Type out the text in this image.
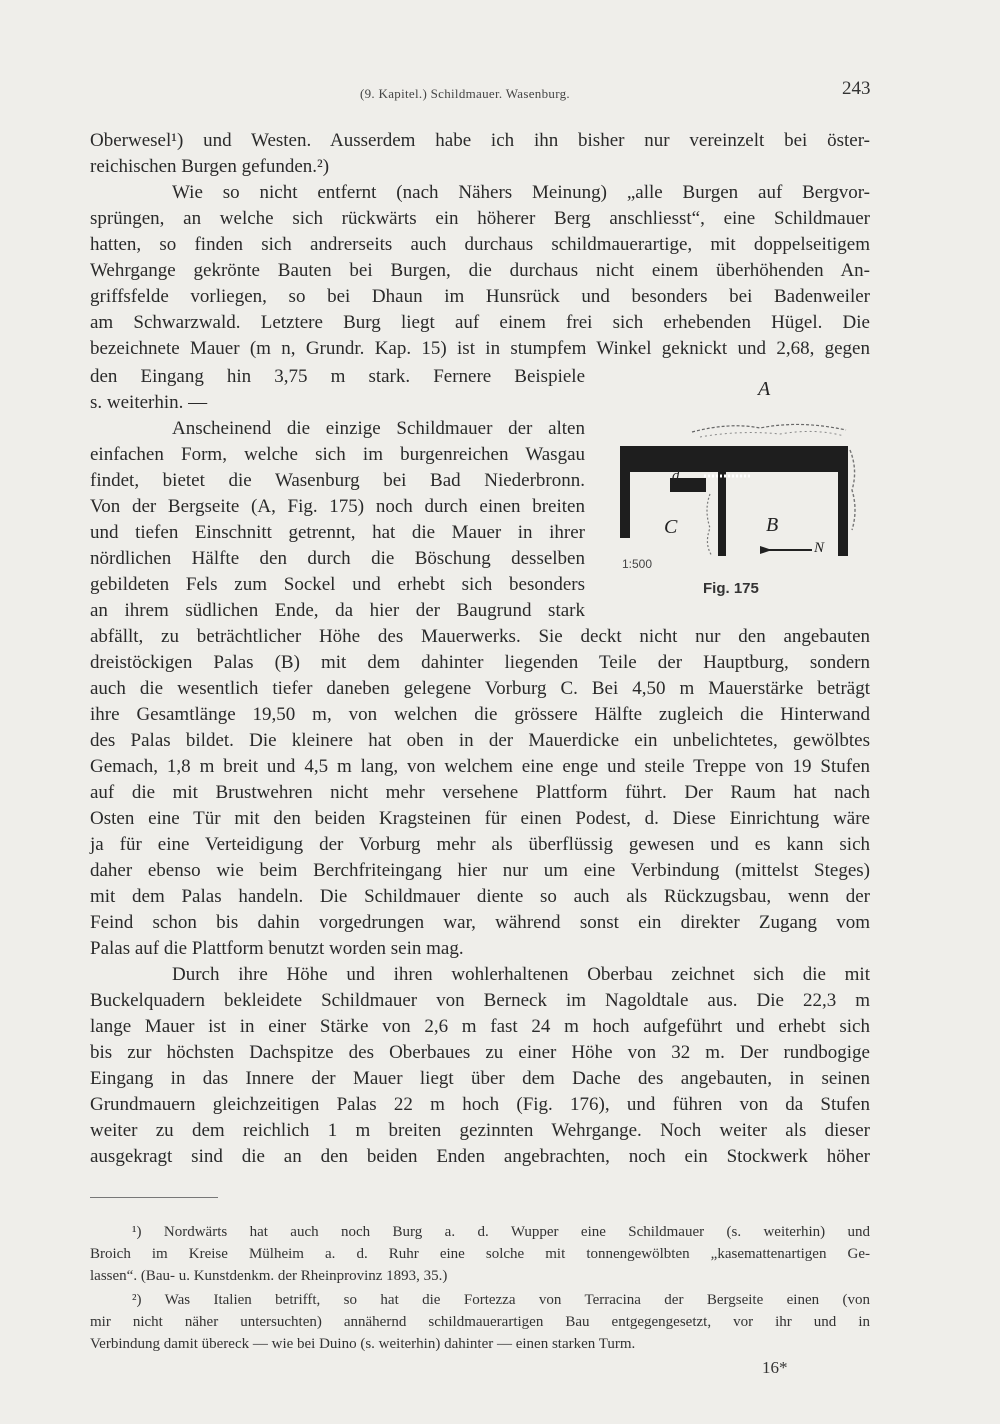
(9. Kapitel.) Schildmauer. Wasenburg.	243
Oberwesel¹) und Westen. Ausserdem habe ich ihn bisher nur vereinzelt bei öster-
reichischen Burgen gefunden.²)
Wie so nicht entfernt (nach Nähers Meinung) „alle Burgen auf Bergvor-
sprüngen, an welche sich rückwärts ein höherer Berg anschliesst“, eine Schildmauer
hatten, so finden sich andrerseits auch durchaus schildmauerartige, mit doppelseitigem
Wehrgange gekrönte Bauten bei Burgen, die durchaus nicht einem überhöhenden An-
griffsfelde vorliegen, so bei Dhaun im Hunsrück und besonders bei Badenweiler
am Schwarzwald. Letztere Burg liegt auf einem frei sich erhebenden Hügel. Die
bezeichnete Mauer (m n, Grundr. Kap. 15) ist in stumpfem Winkel geknickt und 2,68, gegen
den Eingang hin 3,75 m stark. Fernere Beispiele
s. weiterhin. —
Anscheinend die einzige Schildmauer der alten
einfachen Form, welche sich im burgenreichen Wasgau
findet, bietet die Wasenburg bei Bad Niederbronn.
Von der Bergseite (A, Fig. 175) noch durch einen breiten
und tiefen Einschnitt getrennt, hat die Mauer in ihrer
nördlichen Hälfte den durch die Böschung desselben
gebildeten Fels zum Sockel und erhebt sich besonders
an ihrem südlichen Ende, da hier der Baugrund stark
abfällt, zu beträchtlicher Höhe des Mauerwerks. Sie deckt nicht nur den angebauten
dreistöckigen Palas (B) mit dem dahinter liegenden Teile der Hauptburg, sondern
auch die wesentlich tiefer daneben gelegene Vorburg C. Bei 4,50 m Mauerstärke beträgt
ihre Gesamtlänge 19,50 m, von welchen die grössere Hälfte zugleich die Hinterwand
des Palas bildet. Die kleinere hat oben in der Mauerdicke ein unbelichtetes, gewölbtes
Gemach, 1,8 m breit und 4,5 m lang, von welchem eine enge und steile Treppe von 19 Stufen
auf die mit Brustwehren nicht mehr versehene Plattform führt. Der Raum hat nach
Osten eine Tür mit den beiden Kragsteinen für einen Podest, d. Diese Einrichtung wäre
ja für eine Verteidigung der Vorburg mehr als überflüssig gewesen und es kann sich
daher ebenso wie beim Berchfriteingang hier nur um eine Verbindung (mittelst Steges)
mit dem Palas handeln. Die Schildmauer diente so auch als Rückzugsbau, wenn der
Feind schon bis dahin vorgedrungen war, während sonst ein direkter Zugang vom
Palas auf die Plattform benutzt worden sein mag.
Durch ihre Höhe und ihren wohlerhaltenen Oberbau zeichnet sich die mit
Buckelquadern bekleidete Schildmauer von Berneck im Nagoldtale aus. Die 22,3 m
lange Mauer ist in einer Stärke von 2,6 m fast 24 m hoch aufgeführt und erhebt sich
bis zur höchsten Dachspitze des Oberbaues zu einer Höhe von 32 m. Der rundbogige
Eingang in das Innere der Mauer liegt über dem Dache des angebauten, in seinen
Grundmauern gleichzeitigen Palas 22 m hoch (Fig. 176), und führen von da Stufen
weiter zu dem reichlich 1 m breiten gezinnten Wehrgange. Noch weiter als dieser
ausgekragt sind die an den beiden Enden angebrachten, noch ein Stockwerk höher
A
d
C	B
N
1:500
Fig. 175
¹) Nordwärts hat auch noch Burg a. d. Wupper eine Schildmauer (s. weiterhin) und
Broich im Kreise Mülheim a. d. Ruhr eine solche mit tonnengewölbten „kasemattenartigen Ge-
lassen“. (Bau- u. Kunstdenkm. der Rheinprovinz 1893, 35.)
²) Was Italien betrifft, so hat die Fortezza von Terracina der Bergseite einen (von
mir nicht näher untersuchten) annähernd schildmauerartigen Bau entgegengesetzt, vor ihr und in
Verbindung damit übereck — wie bei Duino (s. weiterhin) dahinter — einen starken Turm.
16*
